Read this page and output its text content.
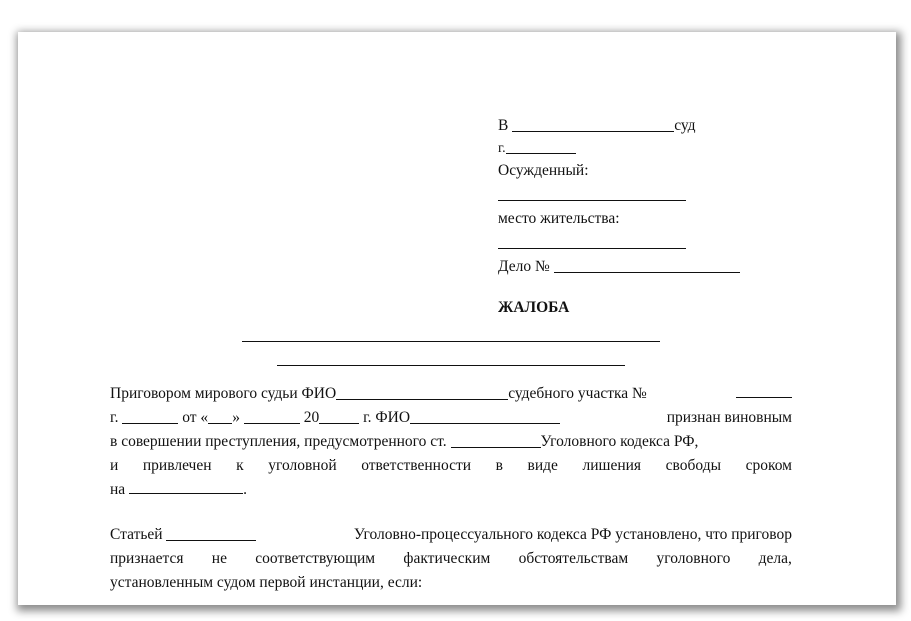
В	суд
г.
Осужденный:
место жительства:
Дело №
ЖАЛОБА
Приговором мирового судьи ФИО	судебного участка №
г.	от « »	20	г. ФИО	признан виновным
в совершении преступления, предусмотренного ст.	Уголовного кодекса РФ,
и привлечен к уголовной ответственности в виде лишения свободы сроком
на
	.
Статьей	Уголовно-процессуального кодекса РФ установлено, что приговор
признается не соответствующим фактическим обстоятельствам уголовного дела,
установленным судом первой инстанции, если:
